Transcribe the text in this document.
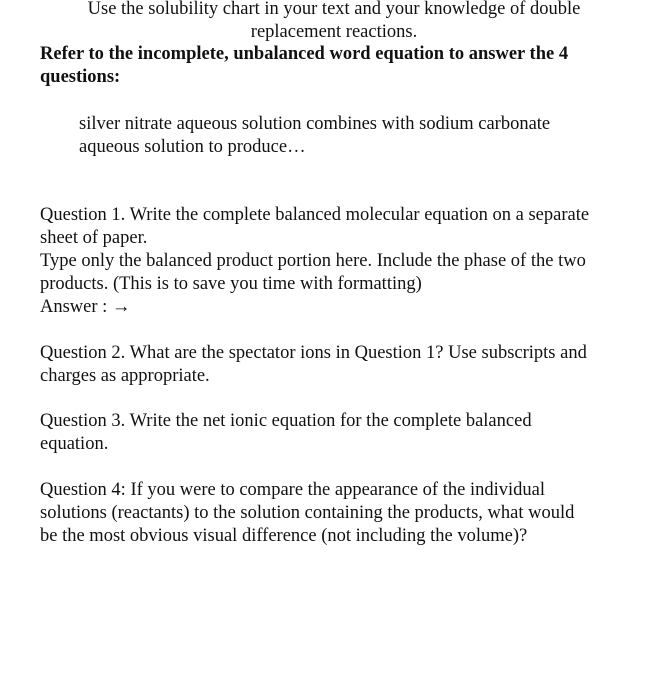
Use the solubility chart in your text and your knowledge of double

replacement reactions.

Refer to the incomplete, unbalanced word equation to answer the 4

questions:

silver nitrate aqueous solution combines with sodium carbonate

aqueous solution to produce…

Question 1. Write the complete balanced molecular equation on a separate

sheet of paper.

Type only the balanced product portion here. Include the phase of the two

products. (This is to save you time with formatting)

Answer : →

Question 2. What are the spectator ions in Question 1? Use subscripts and

charges as appropriate.

Question 3. Write the net ionic equation for the complete balanced

equation.

Question 4: If you were to compare the appearance of the individual

solutions (reactants) to the solution containing the products, what would

be the most obvious visual difference (not including the volume)?
